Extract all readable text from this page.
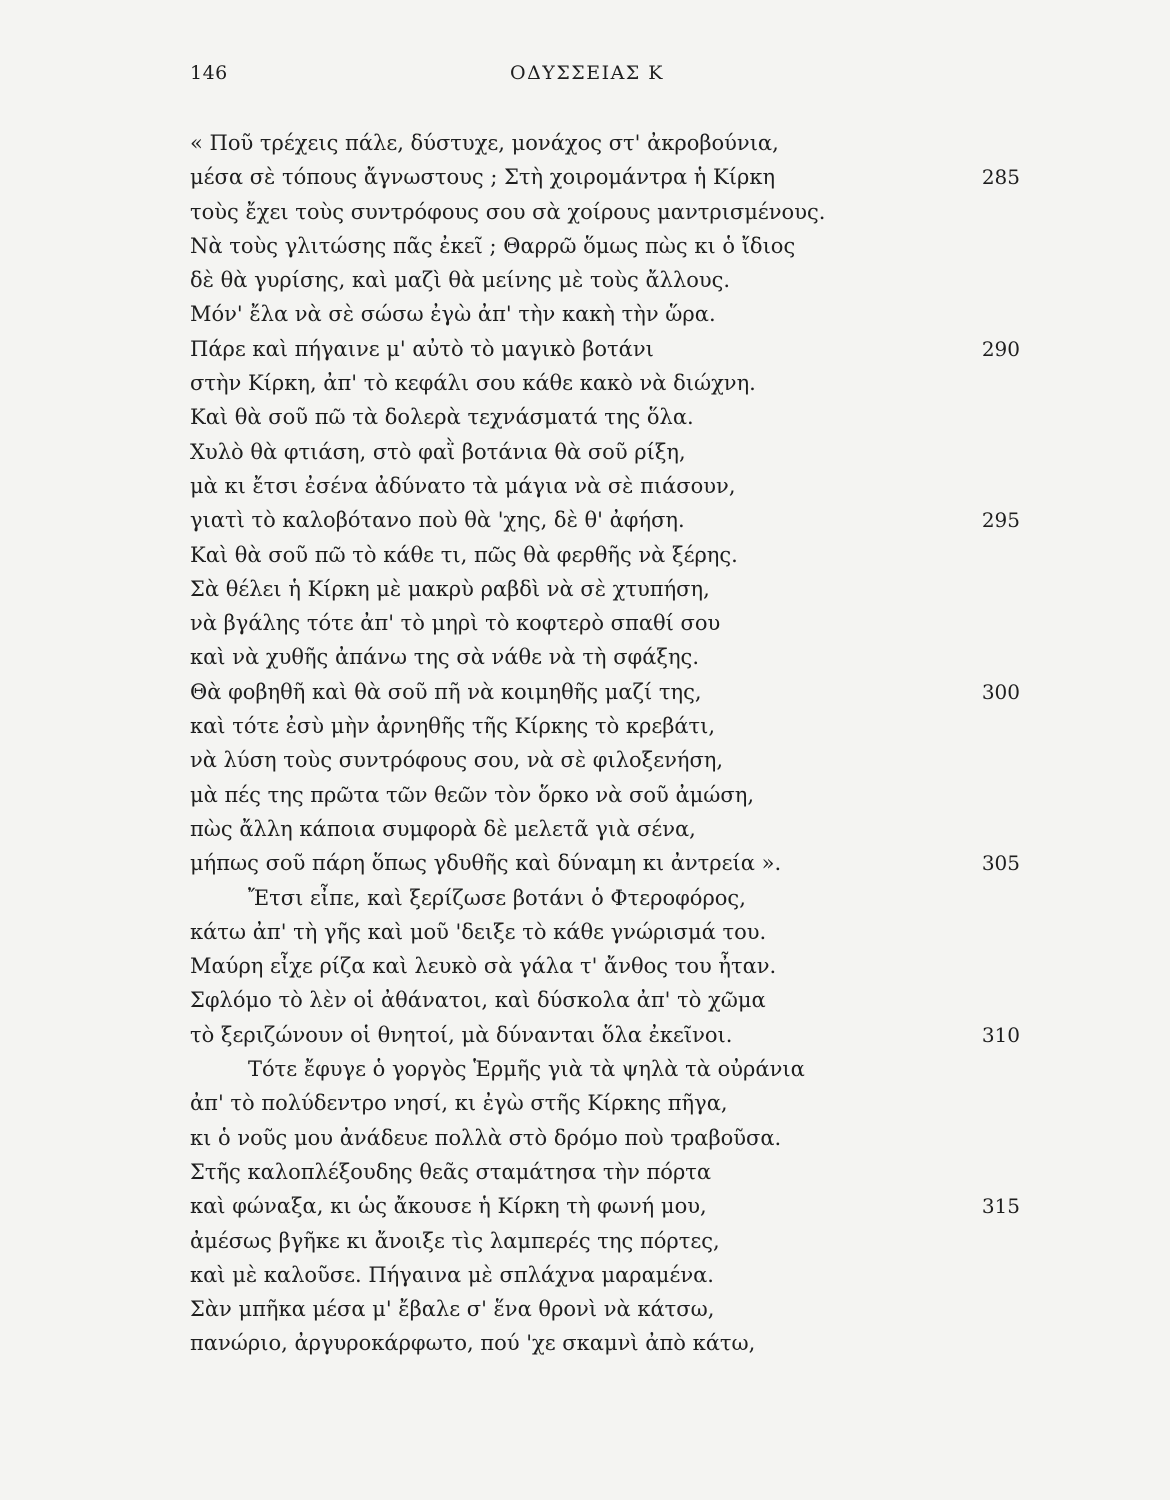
146	ΟΔΥΣΣΕΙΑΣ Κ
« Ποῦ τρέχεις πάλε, δύστυχε, μονάχος στ' ἀκροβούνια,
μέσα σὲ τόπους ἄγνωστους ; Στὴ χοιρομάντρα ἡ Κίρκη	285
τοὺς ἔχει τοὺς συντρόφους σου σὰ χοίρους μαντρισμένους.
Νὰ τοὺς γλιτώσης πᾶς ἐκεῖ ; Θαρρῶ ὅμως πὼς κι ὁ ἴδιος
δὲ θὰ γυρίσης, καὶ μαζὶ θὰ μείνης μὲ τοὺς ἄλλους.
Μόν' ἔλα νὰ σὲ σώσω ἐγὼ ἀπ' τὴν κακὴ τὴν ὥρα.
Πάρε καὶ πήγαινε μ' αὐτὸ τὸ μαγικὸ βοτάνι	290
στὴν Κίρκη, ἀπ' τὸ κεφάλι σου κάθε κακὸ νὰ διώχνη.
Καὶ θὰ σοῦ πῶ τὰ δολερὰ τεχνάσματά της ὅλα.
Χυλὸ θὰ φτιάση, στὸ φαῒ βοτάνια θὰ σοῦ ρίξη,
μὰ κι ἔτσι ἐσένα ἀδύνατο τὰ μάγια νὰ σὲ πιάσουν,
γιατὶ τὸ καλοβότανο ποὺ θὰ 'χης, δὲ θ' ἀφήση.	295
Καὶ θὰ σοῦ πῶ τὸ κάθε τι, πῶς θὰ φερθῆς νὰ ξέρης.
Σὰ θέλει ἡ Κίρκη μὲ μακρὺ ραβδὶ νὰ σὲ χτυπήση,
νὰ βγάλης τότε ἀπ' τὸ μηρὶ τὸ κοφτερὸ σπαθί σου
καὶ νὰ χυθῆς ἀπάνω της σὰ νάθε νὰ τὴ σφάξης.
Θὰ φοβηθῆ καὶ θὰ σοῦ πῆ νὰ κοιμηθῆς μαζί της,	300
καὶ τότε ἐσὺ μὴν ἀρνηθῆς τῆς Κίρκης τὸ κρεβάτι,
νὰ λύση τοὺς συντρόφους σου, νὰ σὲ φιλοξενήση,
μὰ πές της πρῶτα τῶν θεῶν τὸν ὅρκο νὰ σοῦ ἀμώση,
πὼς ἄλλη κάποια συμφορὰ δὲ μελετᾶ γιὰ σένα,
μήπως σοῦ πάρη ὅπως γδυθῆς καὶ δύναμη κι ἀντρεία ».	305
Ἔτσι εἶπε, καὶ ξερίζωσε βοτάνι ὁ Φτεροφόρος,
κάτω ἀπ' τὴ γῆς καὶ μοῦ 'δειξε τὸ κάθε γνώρισμά του.
Μαύρη εἶχε ρίζα καὶ λευκὸ σὰ γάλα τ' ἄνθος του ἦταν.
Σφλόμο τὸ λὲν οἱ ἀθάνατοι, καὶ δύσκολα ἀπ' τὸ χῶμα
τὸ ξεριζώνουν οἱ θνητοί, μὰ δύνανται ὅλα ἐκεῖνοι.	310
Τότε ἔφυγε ὁ γοργὸς Ἑρμῆς γιὰ τὰ ψηλὰ τὰ οὐράνια
ἀπ' τὸ πολύδεντρο νησί, κι ἐγὼ στῆς Κίρκης πῆγα,
κι ὁ νοῦς μου ἀνάδευε πολλὰ στὸ δρόμο ποὺ τραβοῦσα.
Στῆς καλοπλέξουδης θεᾶς σταμάτησα τὴν πόρτα
καὶ φώναξα, κι ὡς ἄκουσε ἡ Κίρκη τὴ φωνή μου,	315
ἀμέσως βγῆκε κι ἄνοιξε τὶς λαμπερές της πόρτες,
καὶ μὲ καλοῦσε. Πήγαινα μὲ σπλάχνα μαραμένα.
Σὰν μπῆκα μέσα μ' ἔβαλε σ' ἕνα θρονὶ νὰ κάτσω,
πανώριο, ἀργυροκάρφωτο, πού 'χε σκαμνὶ ἀπὸ κάτω,
